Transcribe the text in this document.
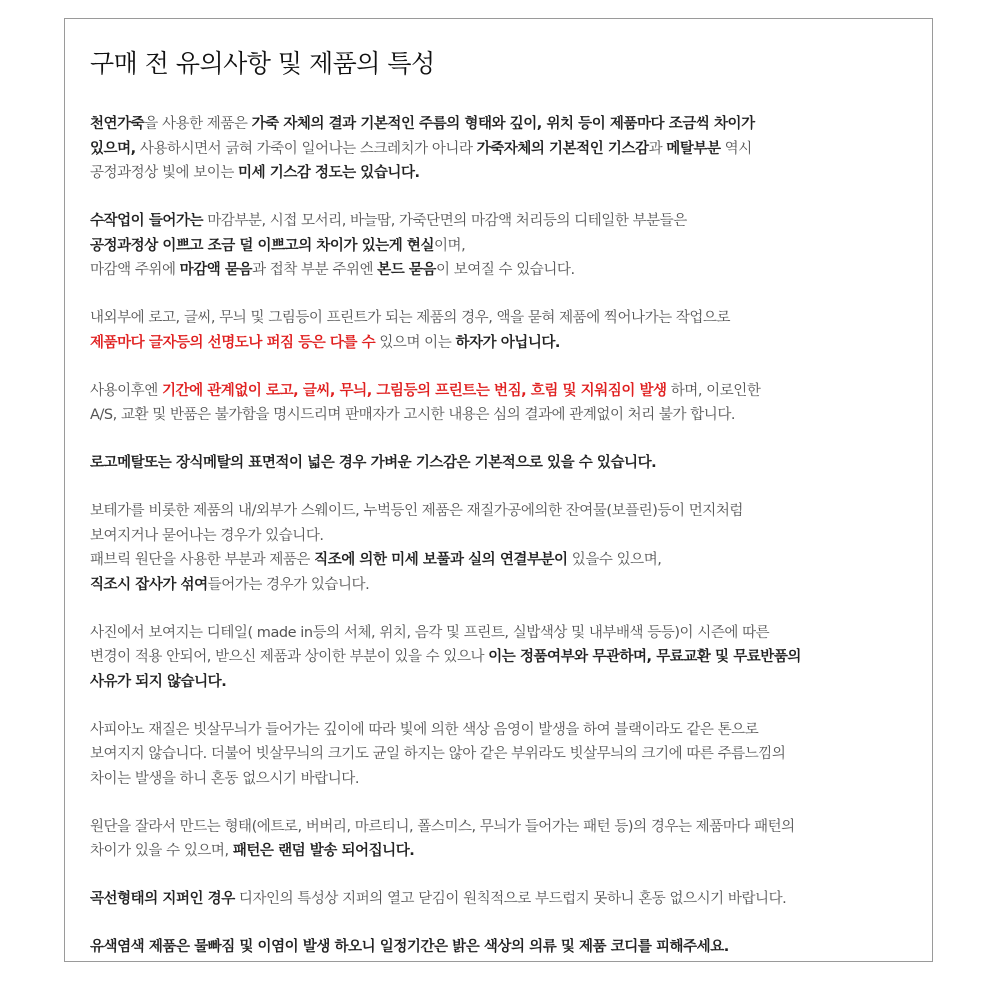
구매 전 유의사항 및 제품의 특성
천연가죽을 사용한 제품은 가죽 자체의 결과 기본적인 주름의 형태와 깊이, 위치 등이 제품마다 조금씩 차이가
있으며, 사용하시면서 긁혀 가죽이 일어나는 스크레치가 아니라 가죽자체의 기본적인 기스감과 메탈부분 역시
공정과정상 빛에 보이는 미세 기스감 정도는 있습니다.
수작업이 들어가는 마감부분, 시접 모서리, 바늘땀, 가죽단면의 마감액 처리등의 디테일한 부분들은
공정과정상 이쁘고 조금 덜 이쁘고의 차이가 있는게 현실이며,
마감액 주위에 마감액 묻음과 접착 부분 주위엔 본드 묻음이 보여질 수 있습니다.
내외부에 로고, 글씨, 무늬 및 그림등이 프린트가 되는 제품의 경우, 액을 묻혀 제품에 찍어나가는 작업으로
제품마다 글자등의 선명도나 퍼짐 등은 다를 수 있으며 이는 하자가 아닙니다.
사용이후엔 기간에 관계없이 로고, 글씨, 무늬, 그림등의 프린트는 번짐, 흐림 및 지워짐이 발생 하며, 이로인한
A/S, 교환 및 반품은 불가함을 명시드리며 판매자가 고시한 내용은 심의 결과에 관계없이 처리 불가 합니다.
로고메탈또는 장식메탈의 표면적이 넓은 경우 가벼운 기스감은 기본적으로 있을 수 있습니다.
보테가를 비롯한 제품의 내/외부가 스웨이드, 누벅등인 제품은 재질가공에의한 잔여물(보플린)등이 먼지처럼
보여지거나 묻어나는 경우가 있습니다.
패브릭 원단을 사용한 부분과 제품은 직조에 의한 미세 보풀과 실의 연결부분이 있을수 있으며,
직조시 잡사가 섞여들어가는 경우가 있습니다.
사진에서 보여지는 디테일( made in등의 서체, 위치, 음각 및 프린트, 실밥색상 및 내부배색 등등)이 시즌에 따른
변경이 적용 안되어, 받으신 제품과 상이한 부분이 있을 수 있으나 이는 정품여부와 무관하며, 무료교환 및 무료반품의
사유가 되지 않습니다.
사피아노 재질은 빗살무늬가 들어가는 깊이에 따라 빛에 의한 색상 음영이 발생을 하여 블랙이라도 같은 톤으로
보여지지 않습니다. 더불어 빗살무늬의 크기도 균일 하지는 않아 같은 부위라도 빗살무늬의 크기에 따른 주름느낌의
차이는 발생을 하니 혼동 없으시기 바랍니다.
원단을 잘라서 만드는 형태(에트로, 버버리, 마르티니, 폴스미스, 무늬가 들어가는 패턴 등)의 경우는 제품마다 패턴의
차이가 있을 수 있으며, 패턴은 랜덤 발송 되어집니다.
곡선형태의 지퍼인 경우 디자인의 특성상 지퍼의 열고 닫김이 원칙적으로 부드럽지 못하니 혼동 없으시기 바랍니다.
유색염색 제품은 물빠짐 및 이염이 발생 하오니 일정기간은 밝은 색상의 의류 및 제품 코디를 피해주세요.
